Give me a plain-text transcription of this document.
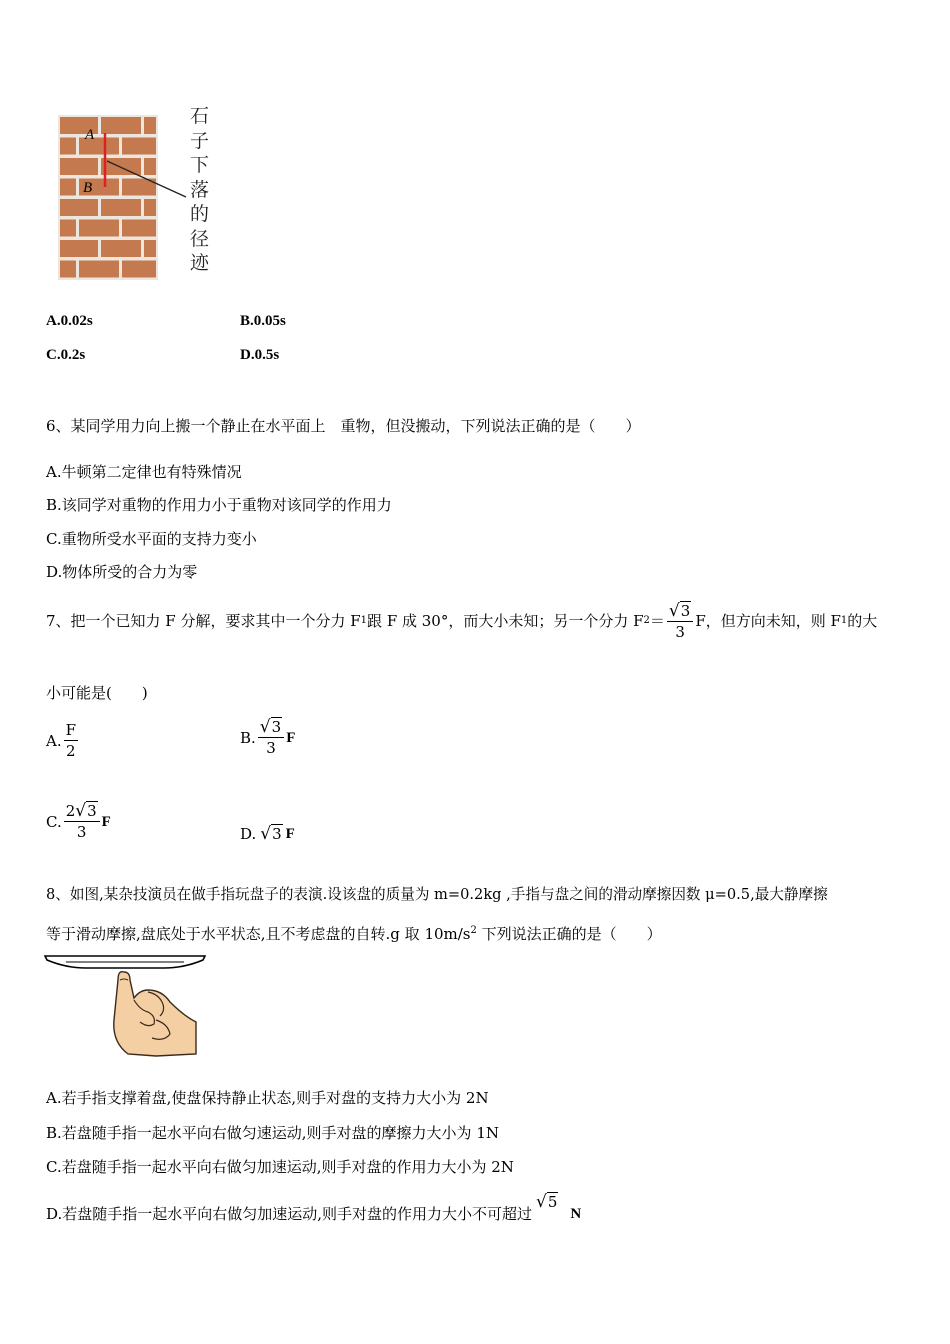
A
B
石
子
下
落
的
径
迹
A.0.02s	B.0.05s
C.0.2s	D.0.5s
6、某同学用力向上搬一个静止在水平面上　重物，但没搬动，下列说法正确的是（　　）
A.牛顿第二定律也有特殊情况
B.该同学对重物的作用力小于重物对该同学的作用力
C.重物所受水平面的支持力变小
D.物体所受的合力为零
7、把一个已知力 F 分解，要求其中一个分力 F 1 跟 F 成 30°，而大小未知；另一个分力 F $2 = \frac{√3}{3}$ F，但方向未知，则 F 1 的大
小可能是(　　)
A. $\frac{F}{2}$	B. $\frac{√3}{3}$ F
C. $\frac{2√3}{3}$ F
D. √3 F
8、如图,某杂技演员在做手指玩盘子的表演.设该盘的质量为 m=0.2kg ,手指与盘之间的滑动摩擦因数 μ=0.5,最大静摩擦
等于滑动摩擦,盘底处于水平状态,且不考虑盘的自转.g 取 $10m/s^2$ 下列说法正确的是（　　）
A.若手指支撑着盘,使盘保持静止状态,则手对盘的支持力大小为 2N
B.若盘随手指一起水平向右做匀速运动,则手对盘的摩擦力大小为 1N
C.若盘随手指一起水平向右做匀加速运动,则手对盘的作用力大小为 2N
D.若盘随手指一起水平向右做匀加速运动,则手对盘的作用力大小不可超过
√5
N
